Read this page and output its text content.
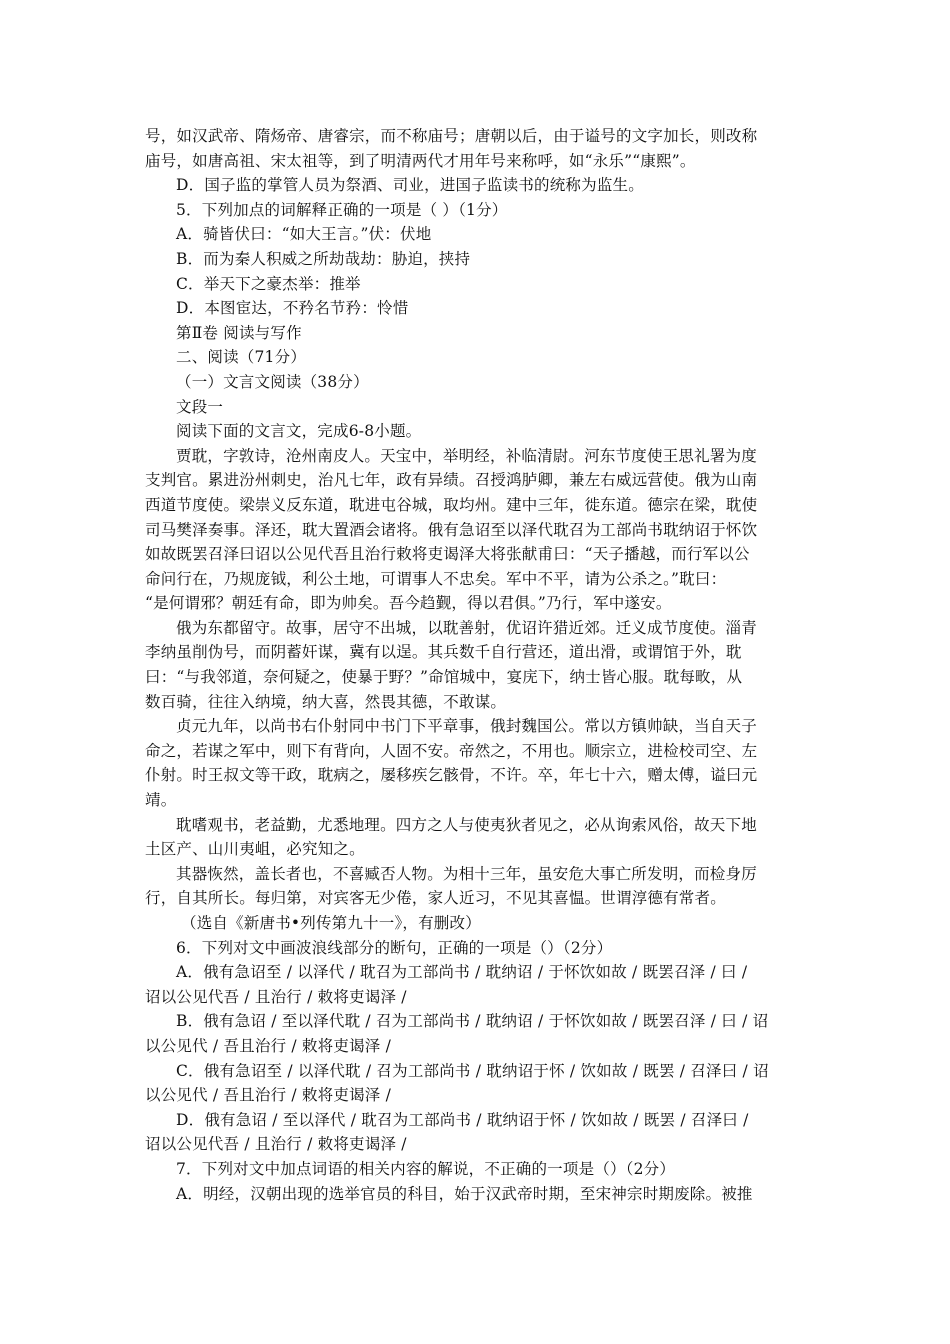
号，如汉武帝、隋炀帝、唐睿宗，而不称庙号；唐朝以后，由于谥号的文字加长，则改称
庙号，如唐高祖、宋太祖等，到了明清两代才用年号来称呼，如“永乐”“康熙”。
D．国子监的掌管人员为祭酒、司业，进国子监读书的统称为监生。
5．下列加点的词解释正确的一项是（ ）（1分）
A．骑皆伏曰：“如大王言。”伏：伏地
B．而为秦人积威之所劫哉劫：胁迫，挟持
C．举天下之豪杰举：推举
D．本图宦达，不矜名节矜：怜惜
第Ⅱ卷 阅读与写作
二、阅读（71分）
（一）文言文阅读（38分）
文段一
阅读下面的文言文，完成6-8小题。
贾耽，字敦诗，沧州南皮人。天宝中，举明经，补临清尉。河东节度使王思礼署为度
支判官。累进汾州刺史，治凡七年，政有异绩。召授鸿胪卿，兼左右威远营使。俄为山南
西道节度使。梁崇义反东道，耽进屯谷城，取均州。建中三年，徙东道。德宗在梁，耽使
司马樊泽奏事。泽还，耽大置酒会诸将。俄有急诏至以泽代耽召为工部尚书耽纳诏于怀饮
如故既罢召泽曰诏以公见代吾且治行敕将吏谒泽大将张献甫曰：“天子播越，而行军以公
命问行在，乃规庞钺，利公土地，可谓事人不忠矣。军中不平，请为公杀之。”耽曰：
“是何谓邪？朝廷有命，即为帅矣。吾今趋觐，得以君俱。”乃行，军中遂安。
俄为东都留守。故事，居守不出城，以耽善射，优诏许猎近郊。迁义成节度使。淄青
李纳虽削伪号，而阴蓄奸谋，冀有以逞。其兵数千自行营还，道出滑，或谓馆于外，耽
曰：“与我邻道，奈何疑之，使暴于野？”命馆城中，宴庑下，纳士皆心服。耽每畋，从
数百骑，往往入纳境，纳大喜，然畏其德，不敢谋。
贞元九年，以尚书右仆射同中书门下平章事，俄封魏国公。常以方镇帅缺，当自天子
命之，若谋之军中，则下有背向，人固不安。帝然之，不用也。顺宗立，进检校司空、左
仆射。时王叔文等干政，耽病之，屡移疾乞骸骨，不许。卒，年七十六，赠太傅，谥曰元
靖。
耽嗜观书，老益勤，尤悉地理。四方之人与使夷狄者见之，必从询索风俗，故天下地
土区产、山川夷岨，必究知之。
其器恢然，盖长者也，不喜臧否人物。为相十三年，虽安危大事亡所发明，而检身厉
行，自其所长。每归第，对宾客无少倦，家人近习，不见其喜愠。世谓淳德有常者。
（选自《新唐书•列传第九十一》，有删改）
6．下列对文中画波浪线部分的断句，正确的一项是（）（2分）
A．俄有急诏至 / 以泽代 / 耽召为工部尚书 / 耽纳诏 / 于怀饮如故 / 既罢召泽 / 曰 /
诏以公见代吾 / 且治行 / 敕将吏谒泽 /
B．俄有急诏 / 至以泽代耽 / 召为工部尚书 / 耽纳诏 / 于怀饮如故 / 既罢召泽 / 曰 / 诏
以公见代 / 吾且治行 / 敕将吏谒泽 /
C．俄有急诏至 / 以泽代耽 / 召为工部尚书 / 耽纳诏于怀 / 饮如故 / 既罢 / 召泽曰 / 诏
以公见代 / 吾且治行 / 敕将吏谒泽 /
D．俄有急诏 / 至以泽代 / 耽召为工部尚书 / 耽纳诏于怀 / 饮如故 / 既罢 / 召泽曰 /
诏以公见代吾 / 且治行 / 敕将吏谒泽 /
7．下列对文中加点词语的相关内容的解说，不正确的一项是（）（2分）
A．明经，汉朝出现的选举官员的科目，始于汉武帝时期，至宋神宗时期废除。被推
